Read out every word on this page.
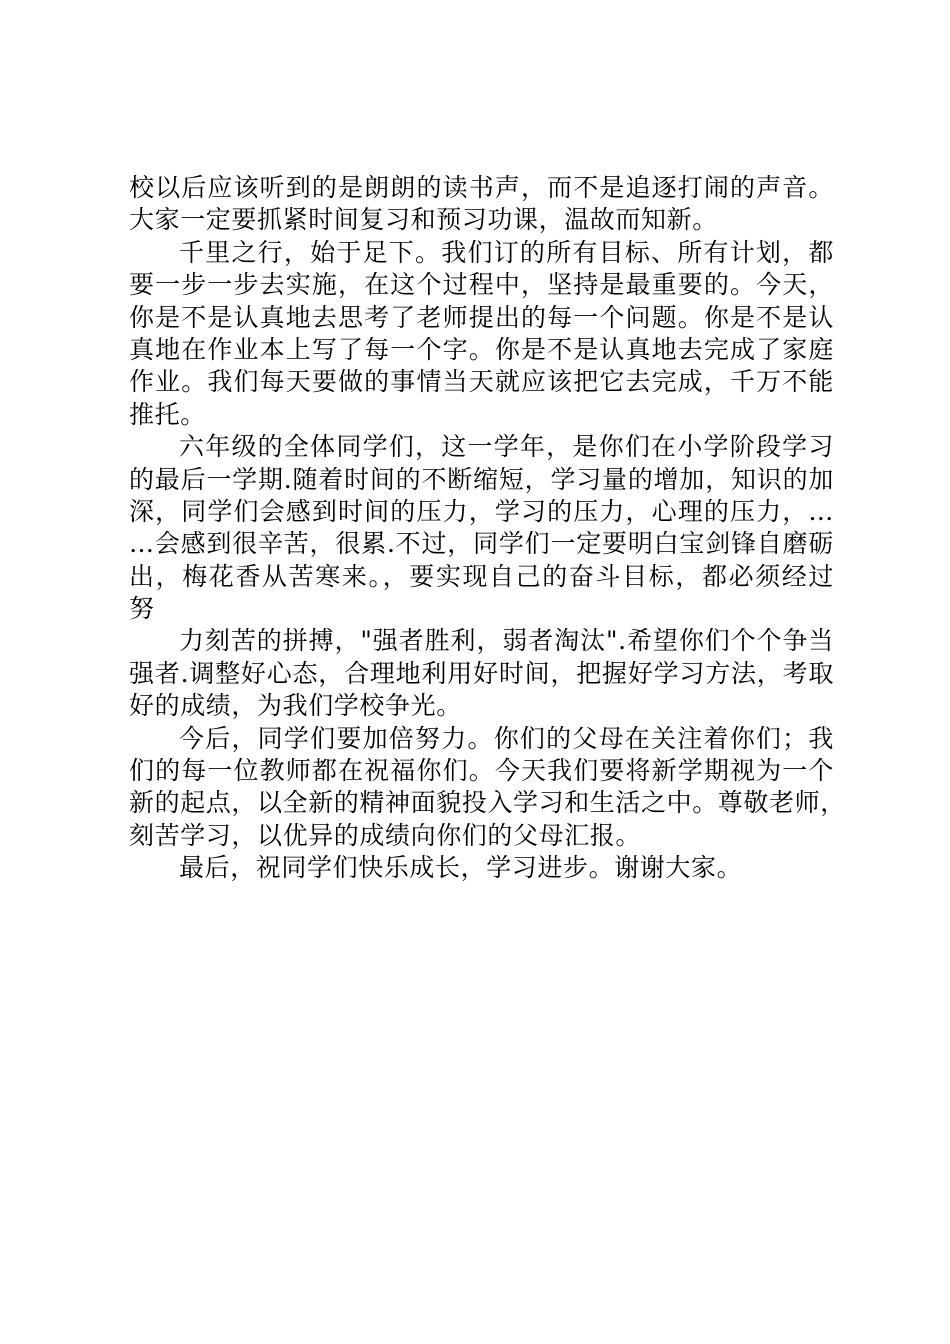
校以后应该听到的是朗朗的读书声，而不是追逐打闹的声音。
大家一定要抓紧时间复习和预习功课，温故而知新。
千里之行，始于足下。我们订的所有目标、所有计划，都
要一步一步去实施，在这个过程中，坚持是最重要的。今天，
你是不是认真地去思考了老师提出的每一个问题。你是不是认
真地在作业本上写了每一个字。你是不是认真地去完成了家庭
作业。我们每天要做的事情当天就应该把它去完成，千万不能
推托。
六年级的全体同学们，这一学年，是你们在小学阶段学习
的最后一学期.随着时间的不断缩短，学习量的增加，知识的加
深，同学们会感到时间的压力，学习的压力，心理的压力，…
…会感到很辛苦，很累.不过，同学们一定要明白宝剑锋自磨砺
出，梅花香从苦寒来。，要实现自己的奋斗目标，都必须经过
努
力刻苦的拼搏，"强者胜利，弱者淘汰".希望你们个个争当
强者.调整好心态，合理地利用好时间，把握好学习方法，考取
好的成绩，为我们学校争光。
今后，同学们要加倍努力。你们的父母在关注着你们；我
们的每一位教师都在祝福你们。今天我们要将新学期视为一个
新的起点，以全新的精神面貌投入学习和生活之中。尊敬老师，
刻苦学习，以优异的成绩向你们的父母汇报。
最后，祝同学们快乐成长，学习进步。谢谢大家。
